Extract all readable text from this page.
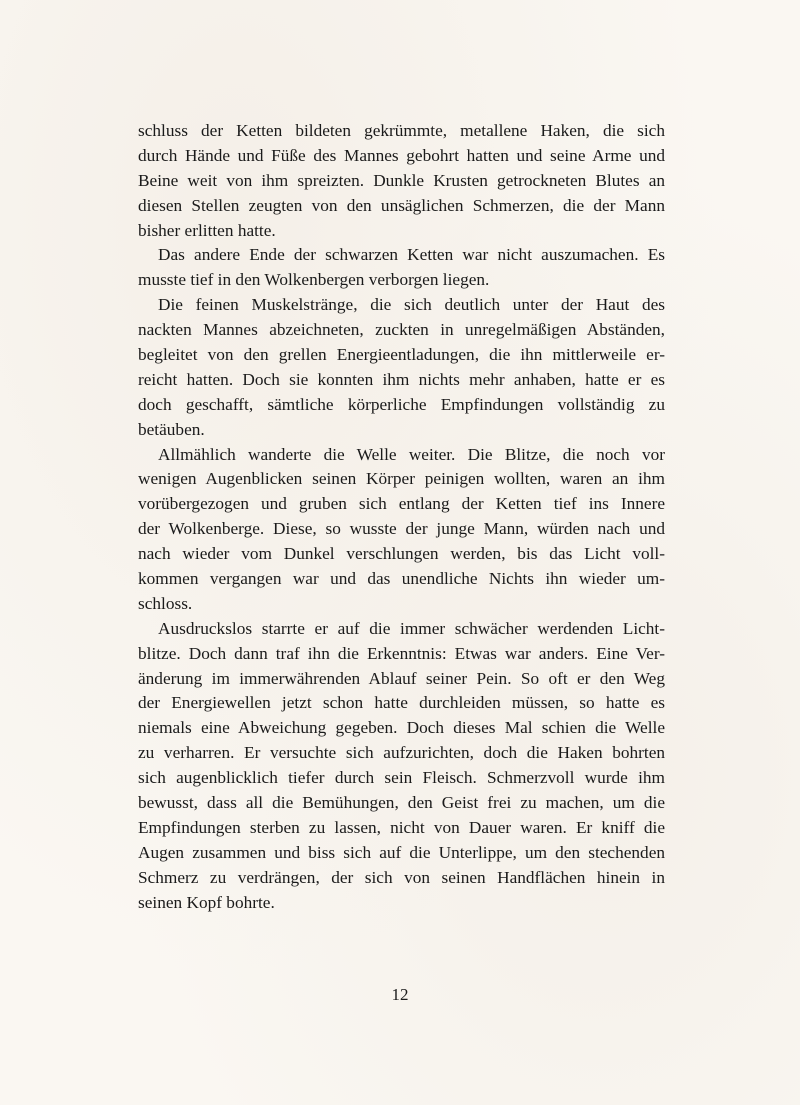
schluss der Ketten bildeten gekrümmte, metallene Haken, die sich
durch Hände und Füße des Mannes gebohrt hatten und seine Arme und
Beine weit von ihm spreizten. Dunkle Krusten getrockneten Blutes an
diesen Stellen zeugten von den unsäglichen Schmerzen, die der Mann
bisher erlitten hatte.
Das andere Ende der schwarzen Ketten war nicht auszumachen. Es
musste tief in den Wolkenbergen verborgen liegen.
Die feinen Muskelstränge, die sich deutlich unter der Haut des
nackten Mannes abzeichneten, zuckten in unregelmäßigen Abständen,
begleitet von den grellen Energieentladungen, die ihn mittlerweile er-
reicht hatten. Doch sie konnten ihm nichts mehr anhaben, hatte er es
doch geschafft, sämtliche körperliche Empfindungen vollständig zu
betäuben.
Allmählich wanderte die Welle weiter. Die Blitze, die noch vor
wenigen Augenblicken seinen Körper peinigen wollten, waren an ihm
vorübergezogen und gruben sich entlang der Ketten tief ins Innere
der Wolkenberge. Diese, so wusste der junge Mann, würden nach und
nach wieder vom Dunkel verschlungen werden, bis das Licht voll-
kommen vergangen war und das unendliche Nichts ihn wieder um-
schloss.
Ausdruckslos starrte er auf die immer schwächer werdenden Licht-
blitze. Doch dann traf ihn die Erkenntnis: Etwas war anders. Eine Ver-
änderung im immerwährenden Ablauf seiner Pein. So oft er den Weg
der Energiewellen jetzt schon hatte durchleiden müssen, so hatte es
niemals eine Abweichung gegeben. Doch dieses Mal schien die Welle
zu verharren. Er versuchte sich aufzurichten, doch die Haken bohrten
sich augenblicklich tiefer durch sein Fleisch. Schmerzvoll wurde ihm
bewusst, dass all die Bemühungen, den Geist frei zu machen, um die
Empfindungen sterben zu lassen, nicht von Dauer waren. Er kniff die
Augen zusammen und biss sich auf die Unterlippe, um den stechenden
Schmerz zu verdrängen, der sich von seinen Handflächen hinein in
seinen Kopf bohrte.
12
